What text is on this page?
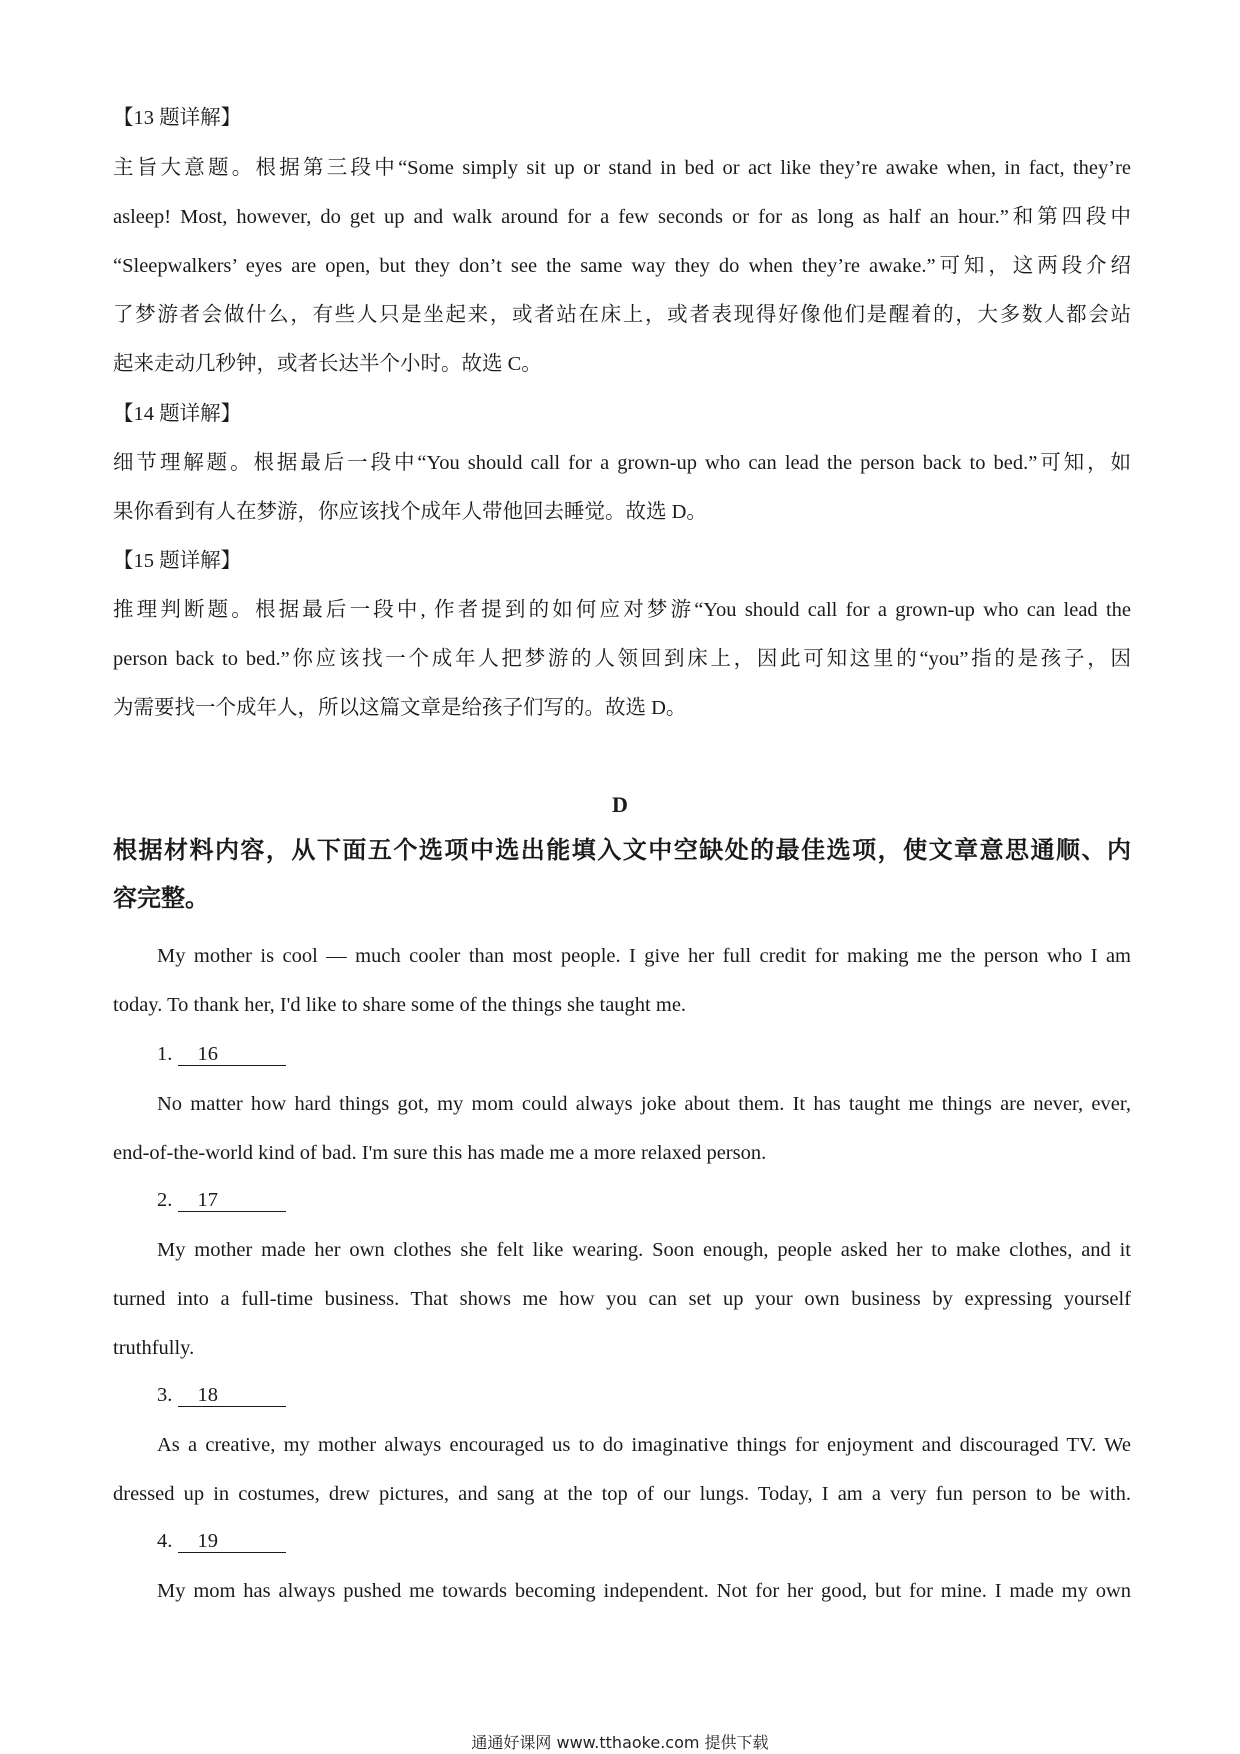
【13 题详解】
主旨大意题。根据第三段中“Some simply sit up or stand in bed or act like they’re awake when, in fact, they’re
asleep! Most, however, do get up and walk around for a few seconds or for as long as half an hour.”和第四段中
“Sleepwalkers’ eyes are open, but they don’t see the same way they do when they’re awake.”可知，这两段介绍
了梦游者会做什么，有些人只是坐起来，或者站在床上，或者表现得好像他们是醒着的，大多数人都会站
起来走动几秒钟，或者长达半个小时。故选 C。
【14 题详解】
细节理解题。根据最后一段中“You should call for a grown-up who can lead the person back to bed.”可知，如
果你看到有人在梦游，你应该找个成年人带他回去睡觉。故选 D。
【15 题详解】
推理判断题。根据最后一段中, 作者提到的如何应对梦游“You should call for a grown-up who can lead the
person back to bed.”你应该找一个成年人把梦游的人领回到床上，因此可知这里的“you”指的是孩子，因
为需要找一个成年人，所以这篇文章是给孩子们写的。故选 D。
D
根据材料内容，从下面五个选项中选出能填入文中空缺处的最佳选项，使文章意思通顺、内
容完整。
My mother is cool — much cooler than most people. I give her full credit for making me the person who I am
today. To thank her, I'd like to share some of the things she taught me.
1. 16
No matter how hard things got, my mom could always joke about them. It has taught me things are never, ever,
end-of-the-world kind of bad. I'm sure this has made me a more relaxed person.
2. 17
My mother made her own clothes she felt like wearing. Soon enough, people asked her to make clothes, and it
turned into a full-time business. That shows me how you can set up your own business by expressing yourself
truthfully.
3. 18
As a creative, my mother always encouraged us to do imaginative things for enjoyment and discouraged TV. We
dressed up in costumes, drew pictures, and sang at the top of our lungs. Today, I am a very fun person to be with.
4. 19
My mom has always pushed me towards becoming independent. Not for her good, but for mine. I made my own
通通好课网 www.tthaoke.com 提供下载
